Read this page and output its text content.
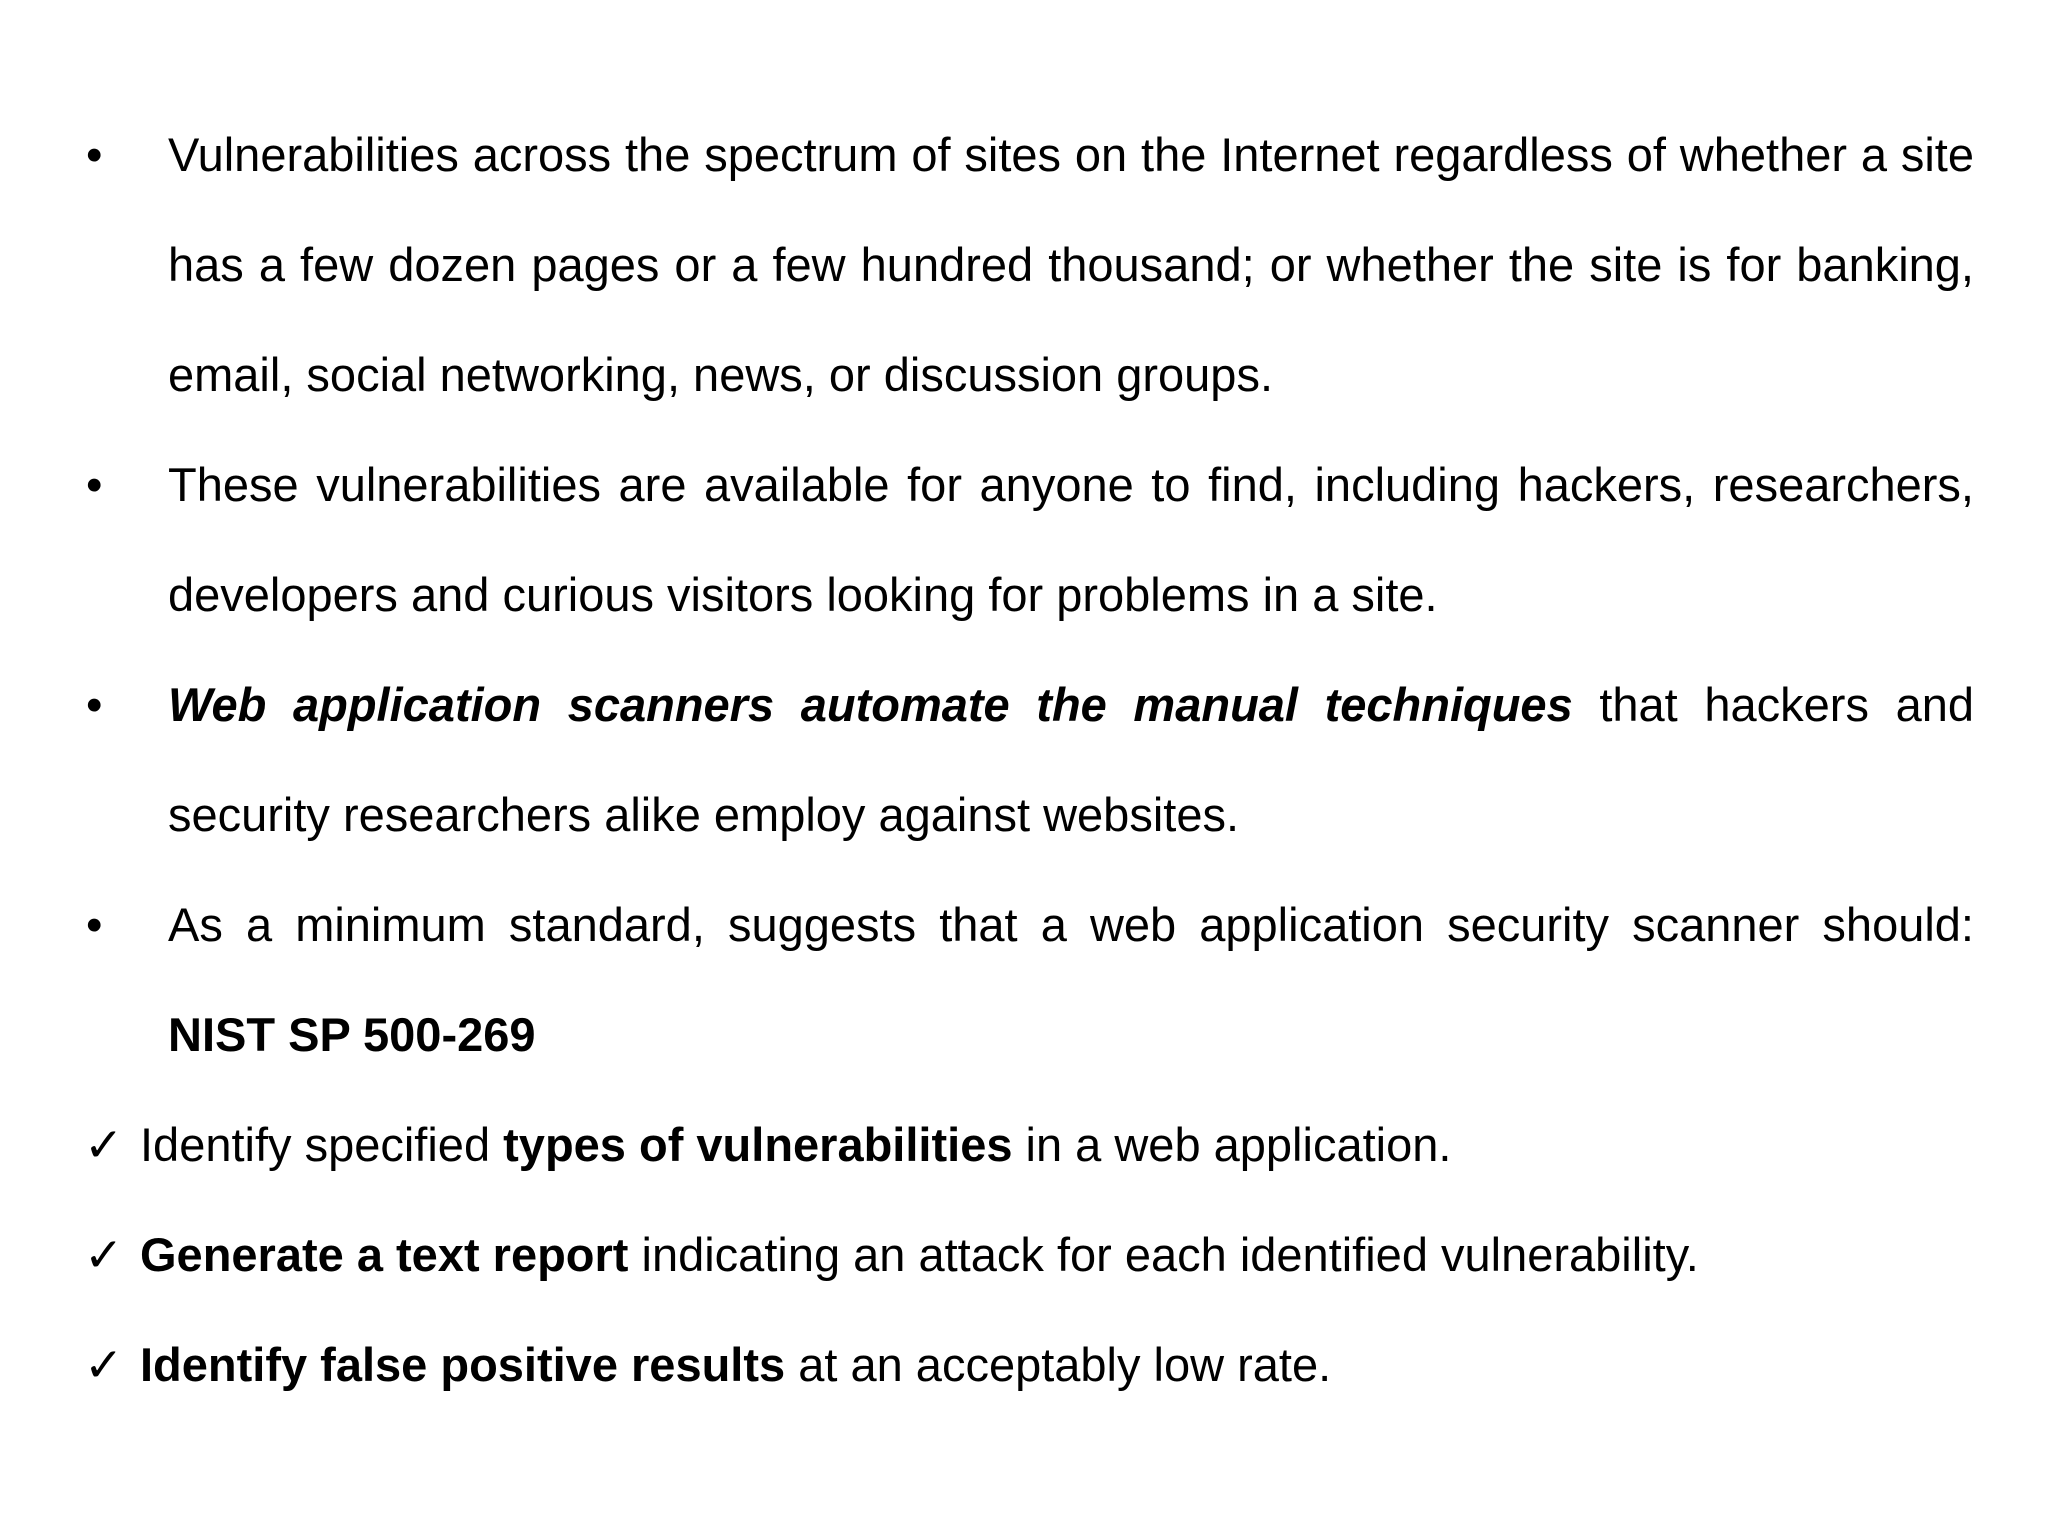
• Vulnerabilities across the spectrum of sites on the Internet regardless of whether a site has a few dozen pages or a few hundred thousand; or whether the site is for banking, email, social networking, news, or discussion groups.
• These vulnerabilities are available for anyone to find, including hackers, researchers, developers and curious visitors looking for problems in a site.
• Web application scanners automate the manual techniques that hackers and security researchers alike employ against websites.
• As a minimum standard, suggests that a web application security scanner should: NIST SP 500-269
✓ Identify specified types of vulnerabilities in a web application.
✓ Generate a text report indicating an attack for each identified vulnerability.
✓ Identify false positive results at an acceptably low rate.
